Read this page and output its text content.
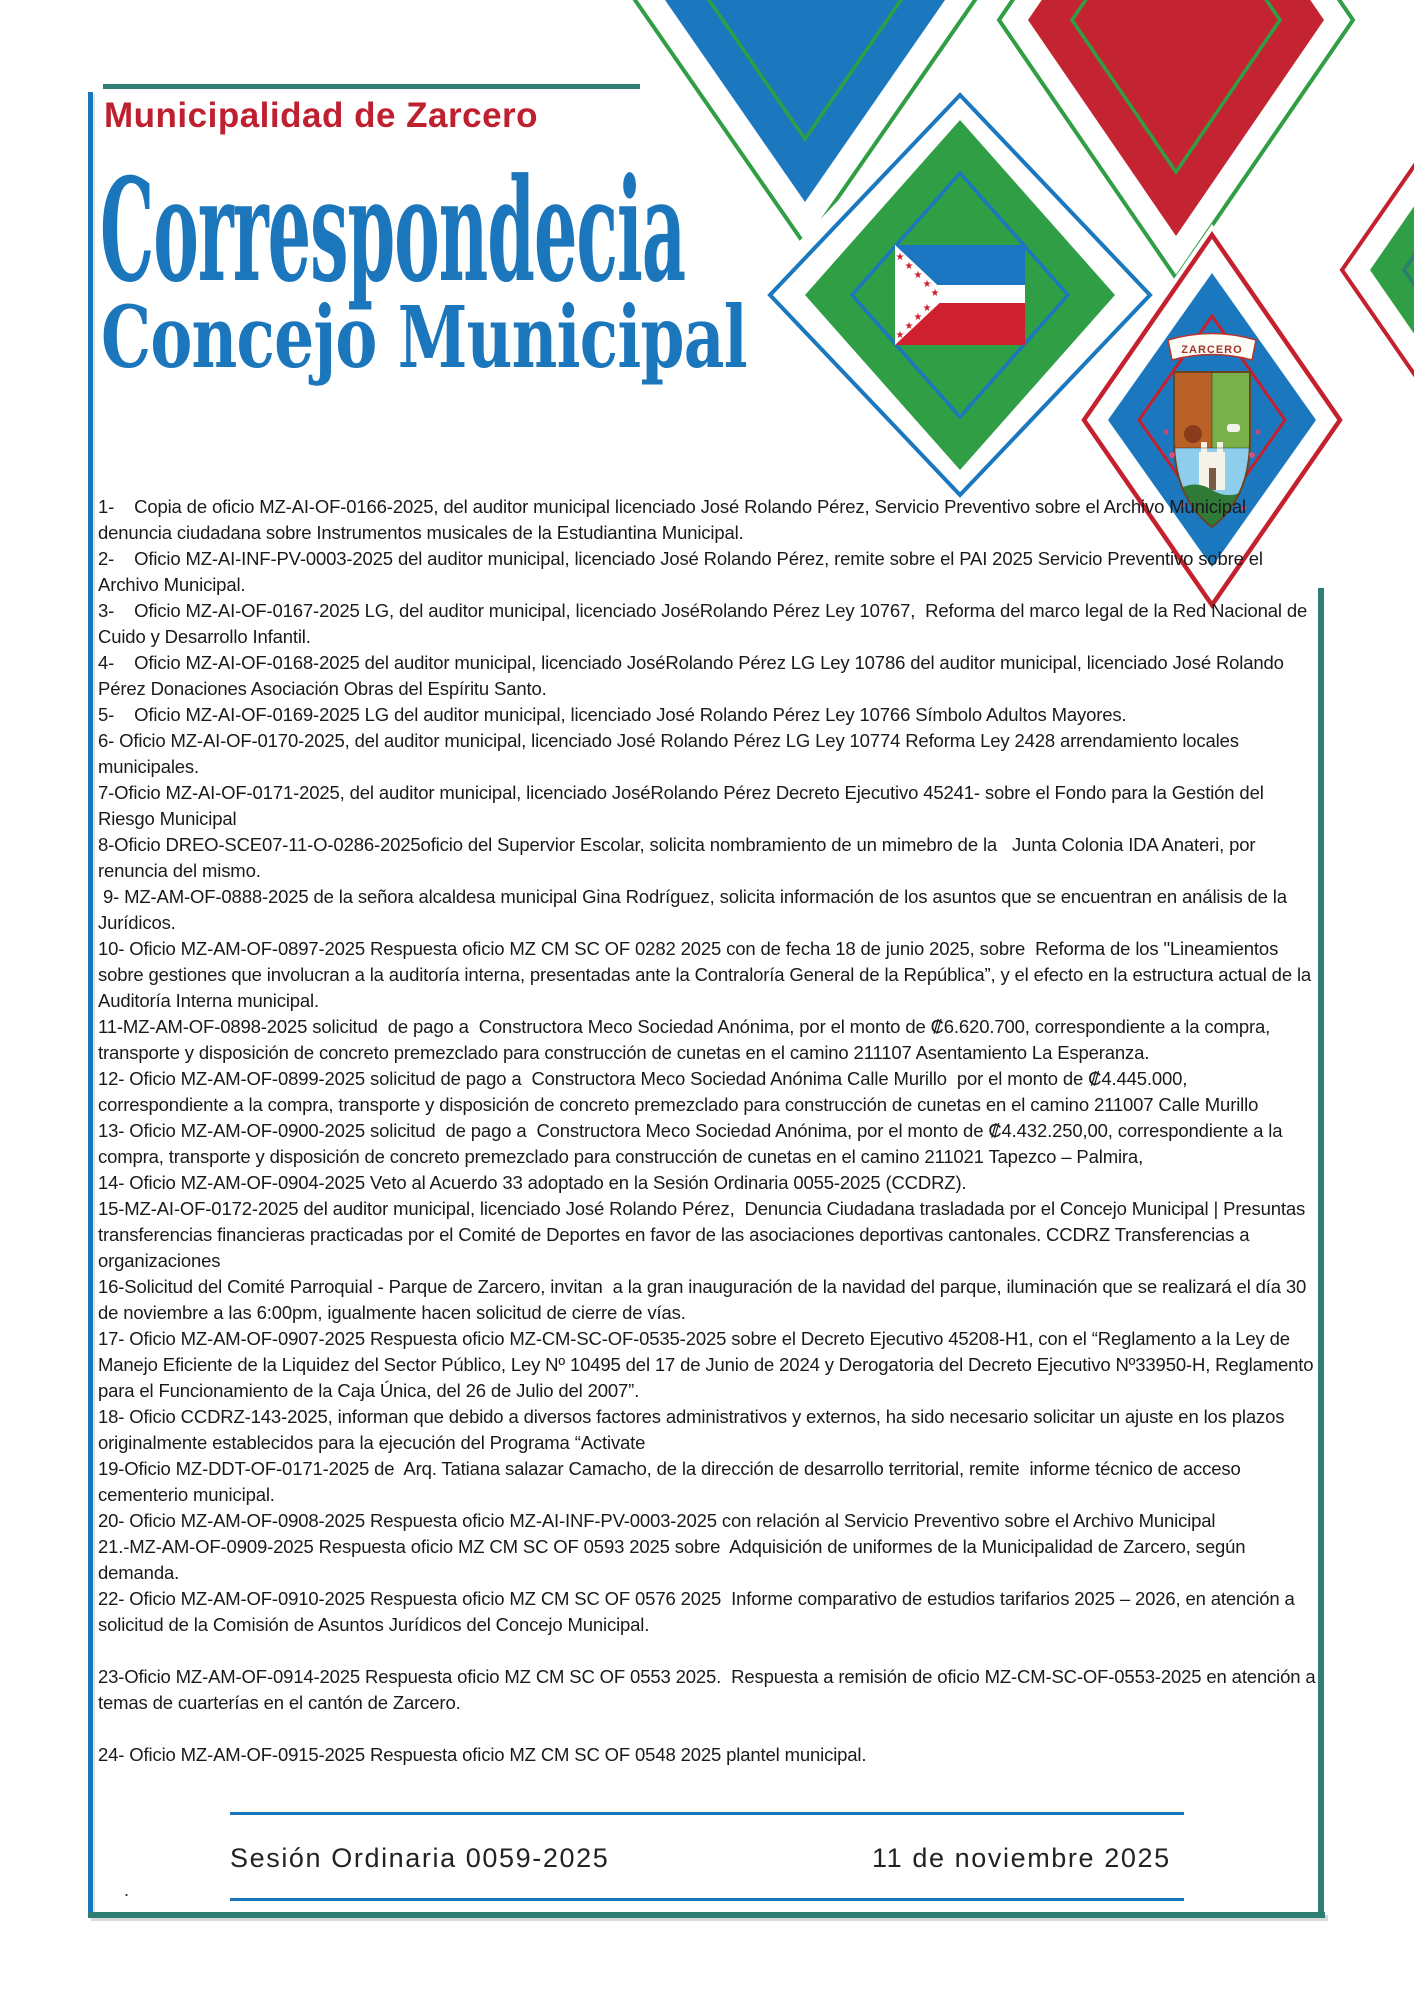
★
★
★
★
★
★
★
★
★
ZARCERO
Municipalidad de Zarcero
Correspondecia
Concejo Municipal

1-    Copia de oficio MZ-AI-OF-0166-2025, del auditor municipal licenciado José Rolando Pérez, Servicio Preventivo sobre el Archivo Municipal denuncia ciudadana sobre Instrumentos musicales de la Estudiantina Municipal.

2-    Oficio MZ-AI-INF-PV-0003-2025 del auditor municipal, licenciado José Rolando Pérez, remite sobre el PAI 2025 Servicio Preventivo sobre el Archivo Municipal.

3-    Oficio MZ-AI-OF-0167-2025 LG, del auditor municipal, licenciado JoséRolando Pérez Ley 10767,  Reforma del marco legal de la Red Nacional de Cuido y Desarrollo Infantil.

4-    Oficio MZ-AI-OF-0168-2025 del auditor municipal, licenciado JoséRolando Pérez LG Ley 10786 del auditor municipal, licenciado José Rolando Pérez Donaciones Asociación Obras del Espíritu Santo.

5-    Oficio MZ-AI-OF-0169-2025 LG del auditor municipal, licenciado José Rolando Pérez Ley 10766 Símbolo Adultos Mayores.

6- Oficio MZ-AI-OF-0170-2025, del auditor municipal, licenciado José Rolando Pérez LG Ley 10774 Reforma Ley 2428 arrendamiento locales municipales.

7-Oficio MZ-AI-OF-0171-2025, del auditor municipal, licenciado JoséRolando Pérez Decreto Ejecutivo 45241- sobre el Fondo para la Gestión del Riesgo Municipal

8-Oficio DREO-SCE07-11-O-0286-2025oficio del Supervior Escolar, solicita nombramiento de un mimebro de la   Junta Colonia IDA Anateri, por renuncia del mismo.

9- MZ-AM-OF-0888-2025 de la señora alcaldesa municipal Gina Rodríguez, solicita información de los asuntos que se encuentran en análisis de la Jurídicos.

10- Oficio MZ-AM-OF-0897-2025 Respuesta oficio MZ CM SC OF 0282 2025 con de fecha 18 de junio 2025, sobre  Reforma de los "Lineamientos sobre gestiones que involucran a la auditoría interna, presentadas ante la Contraloría General de la República”, y el efecto en la estructura actual de la Auditoría Interna municipal.

11-MZ-AM-OF-0898-2025 solicitud  de pago a  Constructora Meco Sociedad Anónima, por el monto de ₡6.620.700, correspondiente a la compra, transporte y disposición de concreto premezclado para construcción de cunetas en el camino 211107 Asentamiento La Esperanza.

12- Oficio MZ-AM-OF-0899-2025 solicitud de pago a  Constructora Meco Sociedad Anónima Calle Murillo  por el monto de ₡4.445.000, correspondiente a la compra, transporte y disposición de concreto premezclado para construcción de cunetas en el camino 211007 Calle Murillo

13- Oficio MZ-AM-OF-0900-2025 solicitud  de pago a  Constructora Meco Sociedad Anónima, por el monto de ₡4.432.250,00, correspondiente a la compra, transporte y disposición de concreto premezclado para construcción de cunetas en el camino 211021 Tapezco – Palmira,

14- Oficio MZ-AM-OF-0904-2025 Veto al Acuerdo 33 adoptado en la Sesión Ordinaria 0055-2025 (CCDRZ).

15-MZ-AI-OF-0172-2025 del auditor municipal, licenciado José Rolando Pérez,  Denuncia Ciudadana trasladada por el Concejo Municipal | Presuntas transferencias financieras practicadas por el Comité de Deportes en favor de las asociaciones deportivas cantonales. CCDRZ Transferencias a organizaciones

16-Solicitud del Comité Parroquial - Parque de Zarcero, invitan  a la gran inauguración de la navidad del parque, iluminación que se realizará el día 30 de noviembre a las 6:00pm, igualmente hacen solicitud de cierre de vías.

17- Oficio MZ-AM-OF-0907-2025 Respuesta oficio MZ-CM-SC-OF-0535-2025 sobre el Decreto Ejecutivo 45208-H1, con el “Reglamento a la Ley de Manejo Eficiente de la Liquidez del Sector Público, Ley Nº 10495 del 17 de Junio de 2024 y Derogatoria del Decreto Ejecutivo Nº33950-H, Reglamento para el Funcionamiento de la Caja Única, del 26 de Julio del 2007”.

18- Oficio CCDRZ-143-2025, informan que debido a diversos factores administrativos y externos, ha sido necesario solicitar un ajuste en los plazos originalmente establecidos para la ejecución del Programa “Activate

19-Oficio MZ-DDT-OF-0171-2025 de  Arq. Tatiana salazar Camacho, de la dirección de desarrollo territorial, remite  informe técnico de acceso cementerio municipal.

20- Oficio MZ-AM-OF-0908-2025 Respuesta oficio MZ-AI-INF-PV-0003-2025 con relación al Servicio Preventivo sobre el Archivo Municipal

21.-MZ-AM-OF-0909-2025 Respuesta oficio MZ CM SC OF 0593 2025 sobre  Adquisición de uniformes de la Municipalidad de Zarcero, según demanda.

22- Oficio MZ-AM-OF-0910-2025 Respuesta oficio MZ CM SC OF 0576 2025  Informe comparativo de estudios tarifarios 2025 – 2026, en atención a solicitud de la Comisión de Asuntos Jurídicos del Concejo Municipal.

23-Oficio MZ-AM-OF-0914-2025 Respuesta oficio MZ CM SC OF 0553 2025.  Respuesta a remisión de oficio MZ-CM-SC-OF-0553-2025 en atención a temas de cuarterías en el cantón de Zarcero.

24- Oficio MZ-AM-OF-0915-2025 Respuesta oficio MZ CM SC OF 0548 2025 plantel municipal.

Sesión Ordinaria 0059-2025	11 de noviembre 2025
.
